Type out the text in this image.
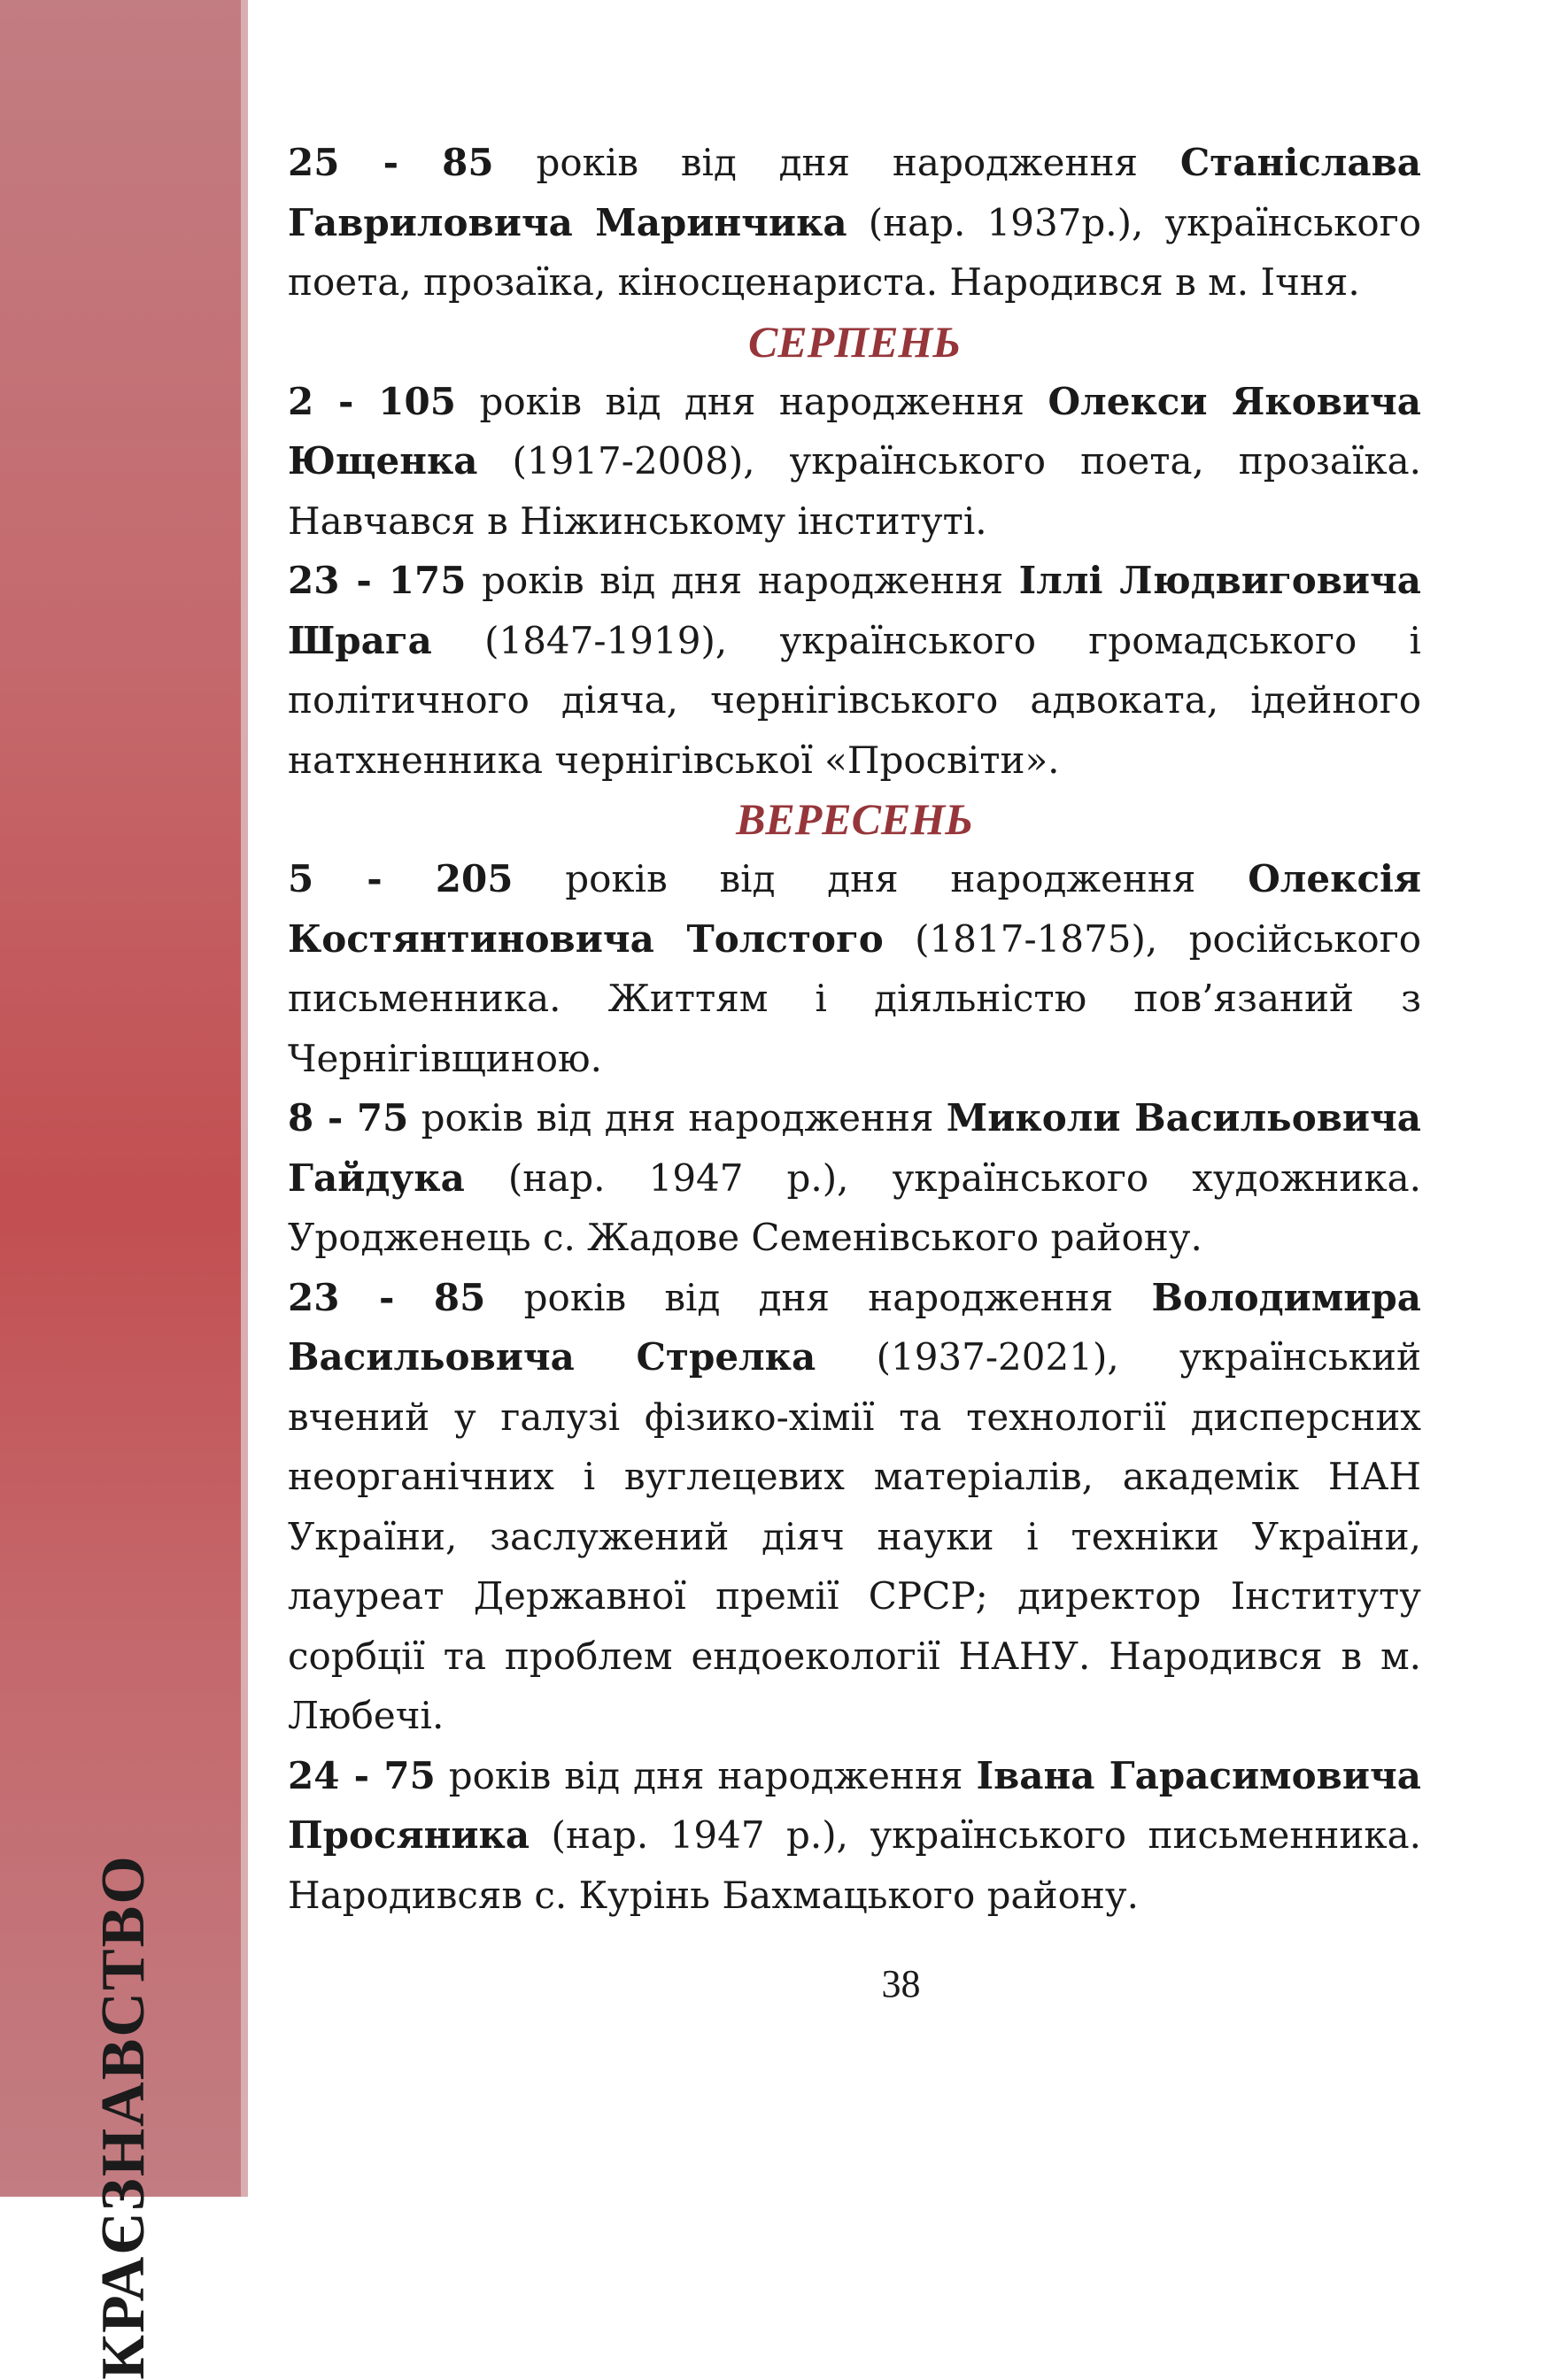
КРАЄЗНАВСТВО

25 - 85 років від дня народження Станіслава Гавриловича Маринчика (нар. 1937р.), українського поета, прозаїка, кіносценариста. Народився в м. Ічня.

СЕРПЕНЬ

2 - 105 років від дня народження Олекси Яковича Ющенка (1917-2008), українського поета, прозаїка. Навчався в Ніжинському інституті.

23 - 175 років від дня народження Іллі Людвиговича Шрага (1847-1919), українського громадського і політичного діяча, чернігівського адвоката, ідейного натхненника чернігівської «Просвіти».

ВЕРЕСЕНЬ

5 - 205 років від дня народження Олексія Костянтиновича Толстого (1817-1875), російського письменника. Життям і діяльністю пов’язаний з Чернігівщиною.

8 - 75 років від дня народження Миколи Васильовича Гайдука (нар. 1947 р.), українського художника. Уродженець с. Жадове Семенівського району.

23 - 85 років від дня народження Володимира Васильовича Стрелка (1937-2021), український вчений у галузі фізико-хімії та технології дисперсних неорганічних і вуглецевих матеріалів, академік НАН України, заслужений діяч науки і техніки України, лауреат Державної премії СРСР; директор Інституту сорбції та проблем ендоекології НАНУ. Народився в м. Любечі.

24 - 75 років від дня народження Івана Гарасимовича Просяника (нар. 1947 р.), українського письменника. Народивсяв с. Курінь Бахмацького району.

38
